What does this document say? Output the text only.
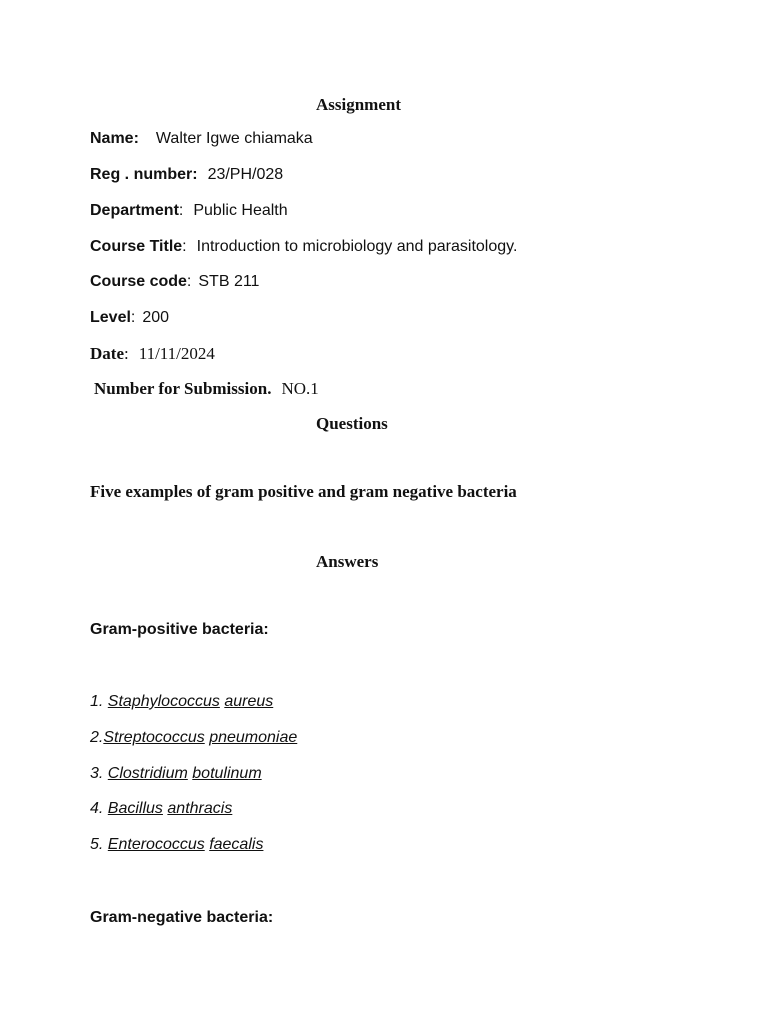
Assignment
Name: Walter Igwe chiamaka
Reg . number: 23/PH/028
Department: Public Health
Course Title: Introduction to microbiology and parasitology.
Course code: STB 211
Level: 200
Date: 11/11/2024
Number for Submission. NO.1
Questions
Five examples of gram positive and gram negative bacteria
Answers
Gram-positive bacteria:
1. Staphylococcus aureus
2.Streptococcus pneumoniae
3. Clostridium botulinum
4. Bacillus anthracis
5. Enterococcus faecalis
Gram-negative bacteria:
